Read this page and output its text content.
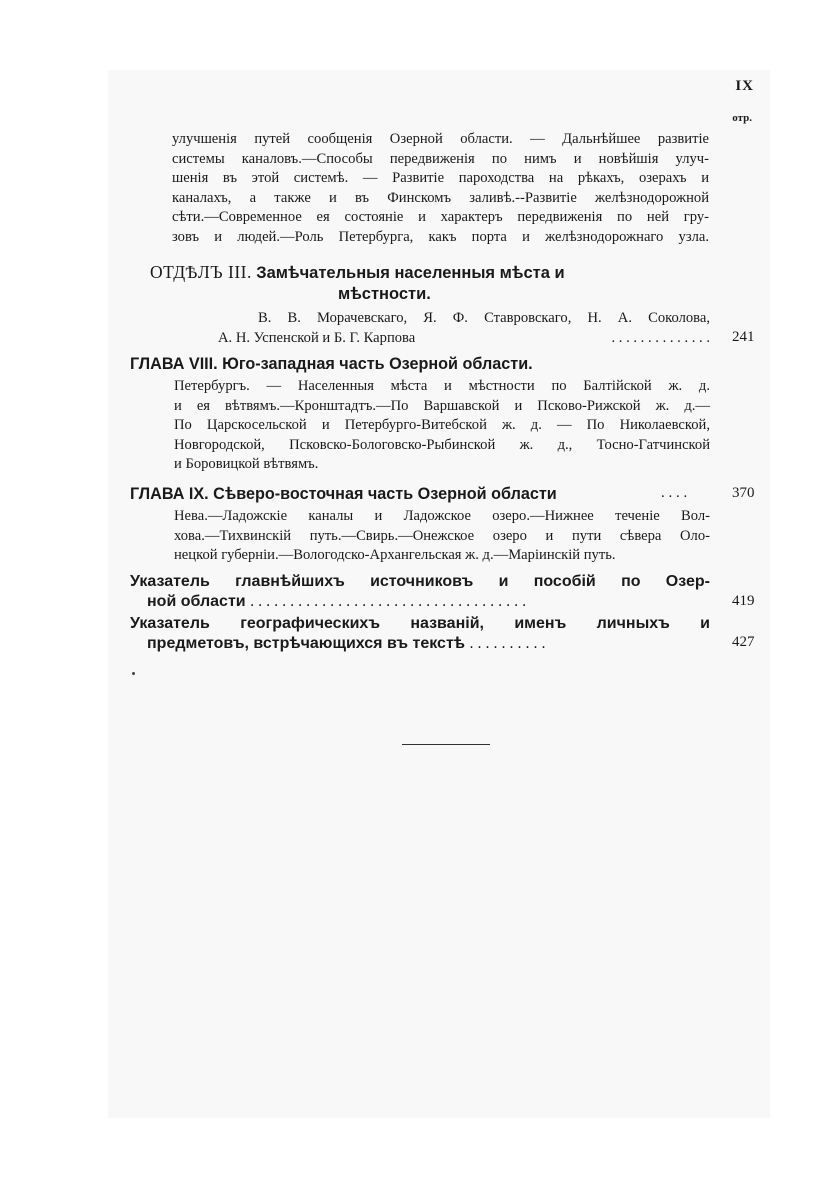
IX
отр.
улучшенія путей сообщенія Озерной области. — Дальнѣйшее развитіе
системы каналовъ.—Способы передвиженія по нимъ и новѣйшія улуч-
шенія въ этой системѣ. — Развитіе пароходства на рѣкахъ, озерахъ и
каналахъ, а также и въ Финскомъ заливѣ.--Развитіе желѣзнодорожной
сѣти.—Современное ея состояніе и характеръ передвиженія по ней гру-
зовъ и людей.—Роль Петербурга, какъ порта и желѣзнодорожнаго узла.
ОТДѢЛЪ III. Замѣчательныя населенныя мѣста и
мѣстности.
В. В. Морачевскаго, Я. Ф. Ставровскаго, Н. А. Соколова,
А. Н. Успенской и Б. Г. Карпова	. . . . . . . . . . . . . . 241
ГЛАВА VIII. Юго-западная часть Озерной области.
Петербургъ. — Населенныя мѣста и мѣстности по Балтійской ж. д.
и ея вѣтвямъ.—Кронштадтъ.—По Варшавской и Псково-Рижской ж. д.—
По Царскосельской и Петербурго-Витебской ж. д. — По Николаевской,
Новгородской, Псковско-Бологовско-Рыбинской ж. д., Тосно-Гатчинской
и Боровицкой вѣтвямъ.
ГЛАВА IX. Сѣверо-восточная часть Озерной области	. . . .	370
Нева.—Ладожскіе каналы и Ладожское озеро.—Нижнее теченіе Вол-
хова.—Тихвинскій путь.—Свирь.—Онежское озеро и пути сѣвера Оло-
нецкой губерніи.—Вологодско-Архангельская ж. д.—Маріинскій путь.
Указатель главнѣйшихъ источниковъ и пособій по Озер-
ной области . . . . . . . . . . . . . . . . . . . . . . . . . . . . . . . . . . .	419
Указатель географическихъ названій, именъ личныхъ и
предметовъ, встрѣчающихся въ текстѣ . . . . . . . . . .	427
